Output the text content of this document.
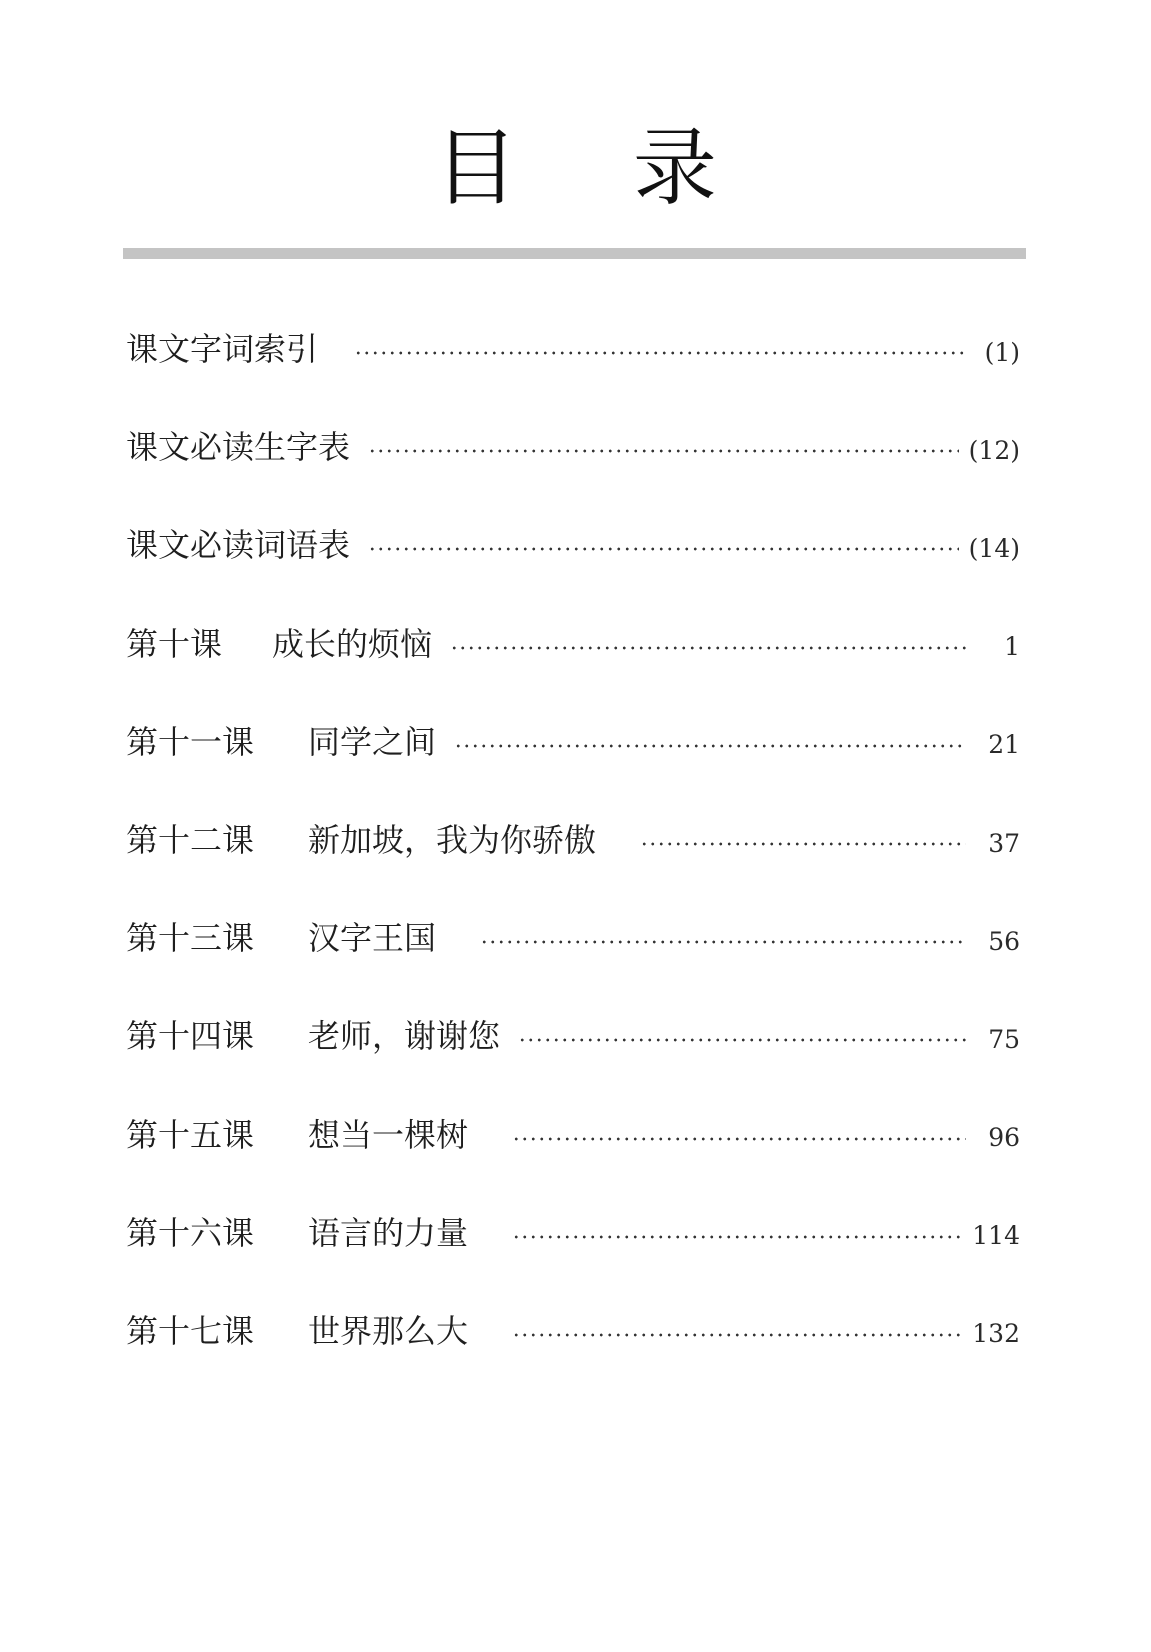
目 录
课文字词索引	(1)
课文必读生字表	(12)
课文必读词语表	(14)
第十课	成长的烦恼	1
第十一课	同学之间	21
第十二课	新加坡，我为你骄傲	37
第十三课	汉字王国	56
第十四课	老师，谢谢您	75
第十五课	想当一棵树	96
第十六课	语言的力量	114
第十七课	世界那么大	132
